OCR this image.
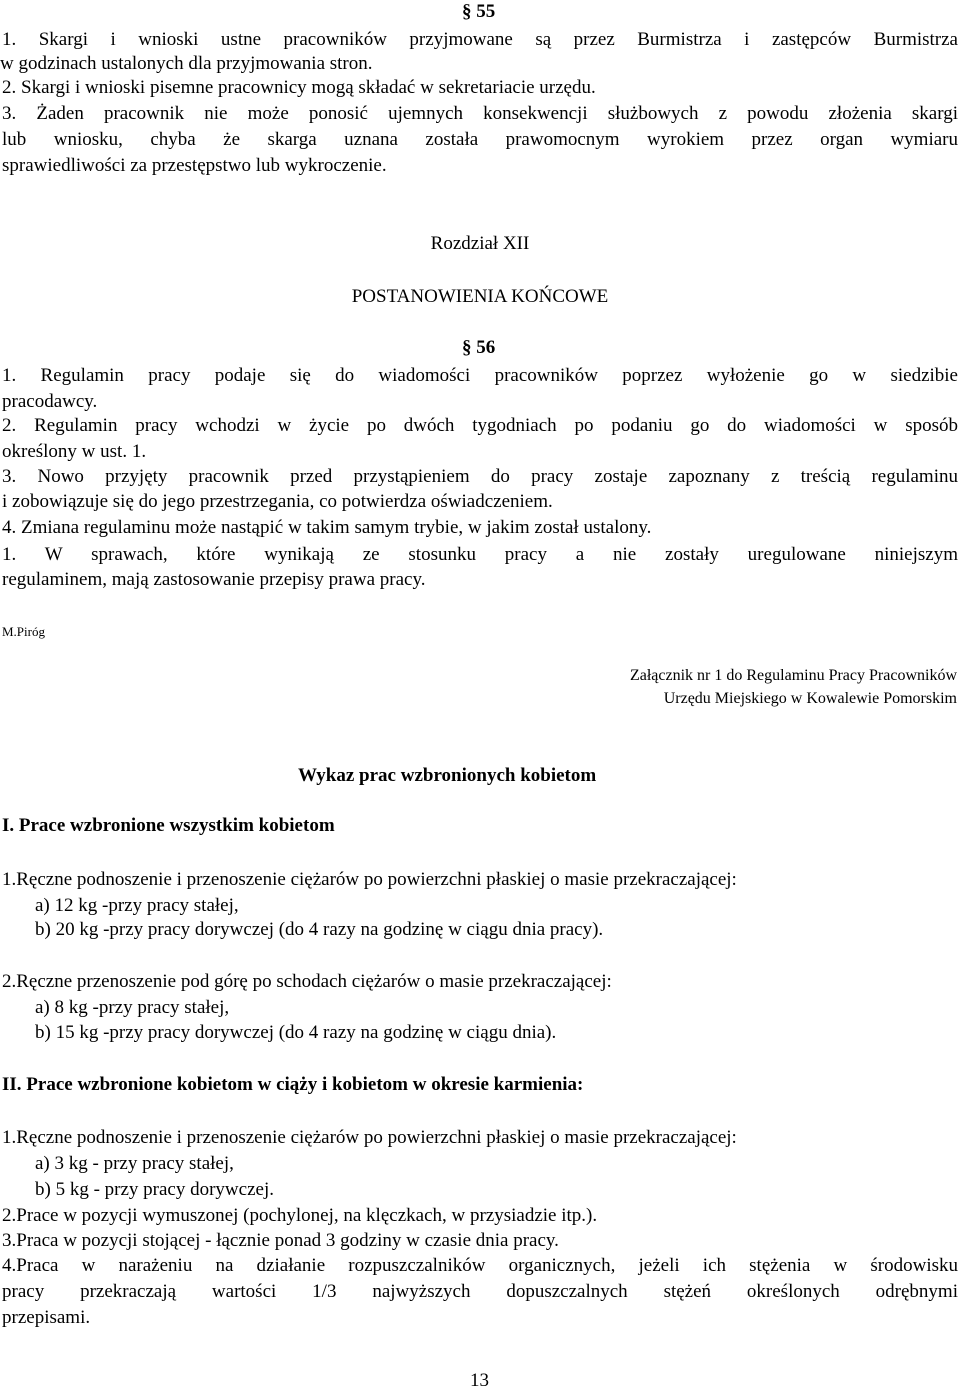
§ 55
1. Skargi i wnioski ustne pracowników przyjmowane są przez Burmistrza i zastępców Burmistrza
w godzinach ustalonych dla przyjmowania stron.
2. Skargi i wnioski pisemne pracownicy mogą składać w sekretariacie urzędu.
3. Żaden pracownik nie może ponosić ujemnych konsekwencji służbowych z powodu złożenia skargi
lub wniosku, chyba że skarga uznana została prawomocnym wyrokiem przez organ wymiaru
sprawiedliwości za przestępstwo lub wykroczenie.
Rozdział XII
POSTANOWIENIA KOŃCOWE
§ 56
1. Regulamin pracy podaje się do wiadomości pracowników poprzez wyłożenie go w siedzibie
pracodawcy.
2. Regulamin pracy wchodzi w życie po dwóch tygodniach po podaniu go do wiadomości w sposób
określony w ust. 1.
3. Nowo przyjęty pracownik przed przystąpieniem do pracy zostaje zapoznany z treścią regulaminu
i zobowiązuje się do jego przestrzegania, co potwierdza oświadczeniem.
4. Zmiana regulaminu może nastąpić w takim samym trybie, w jakim został ustalony.
1. W sprawach, które wynikają ze stosunku pracy a nie zostały uregulowane niniejszym
regulaminem, mają zastosowanie przepisy prawa pracy.
M.Piróg
Załącznik nr 1 do Regulaminu Pracy Pracowników
Urzędu Miejskiego w Kowalewie Pomorskim
Wykaz prac wzbronionych kobietom
I. Prace wzbronione wszystkim kobietom
1.Ręczne podnoszenie i przenoszenie ciężarów po powierzchni płaskiej o masie przekraczającej:
a) 12 kg -przy pracy stałej,
b) 20 kg -przy pracy dorywczej (do 4 razy na godzinę w ciągu dnia pracy).
2.Ręczne przenoszenie pod górę po schodach ciężarów o masie przekraczającej:
a) 8 kg -przy pracy stałej,
b) 15 kg -przy pracy dorywczej (do 4 razy na godzinę w ciągu dnia).
II. Prace wzbronione kobietom w ciąży i kobietom w okresie karmienia:
1.Ręczne podnoszenie i przenoszenie ciężarów po powierzchni płaskiej o masie przekraczającej:
a) 3 kg - przy pracy stałej,
b) 5 kg - przy pracy dorywczej.
2.Prace w pozycji wymuszonej (pochylonej, na klęczkach, w przysiadzie itp.).
3.Praca w pozycji stojącej - łącznie ponad 3 godziny w czasie dnia pracy.
4.Praca w narażeniu na działanie rozpuszczalników organicznych, jeżeli ich stężenia w środowisku
pracy przekraczają wartości 1/3 najwyższych dopuszczalnych stężeń określonych odrębnymi
przepisami.
13
